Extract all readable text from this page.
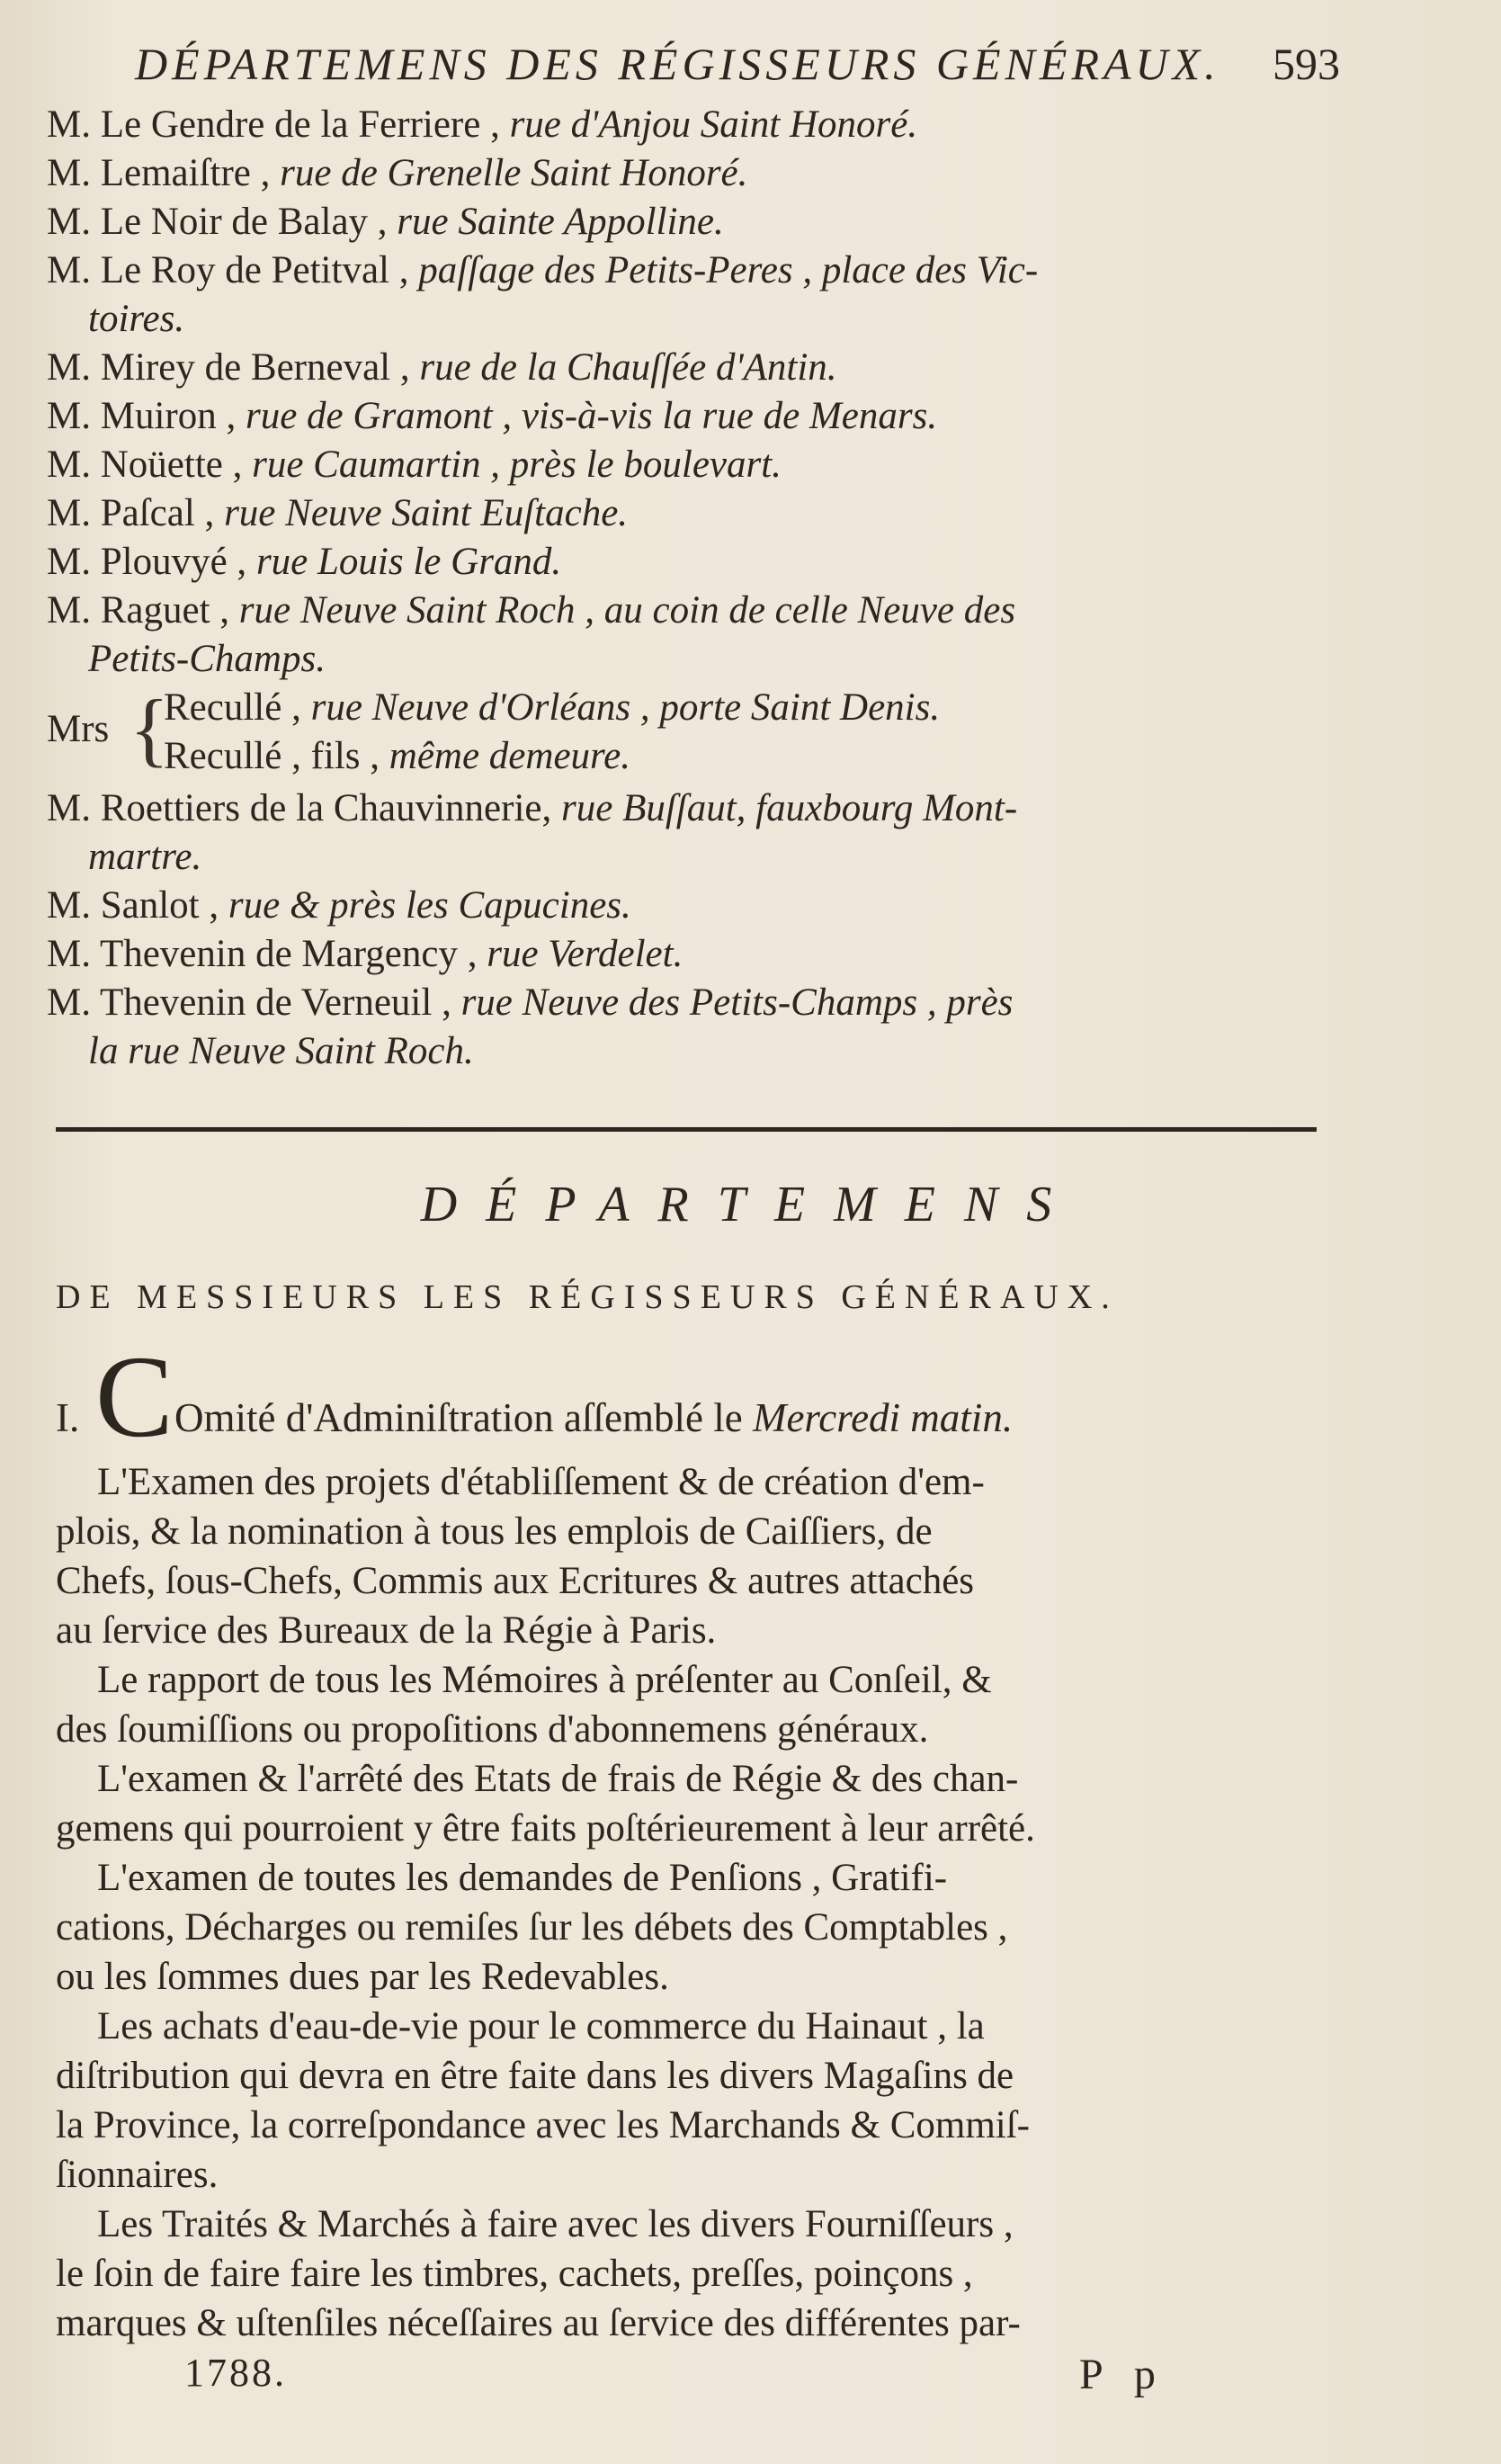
DÉPARTEMENS DES RÉGISSEURS GÉNÉRAUX. 593
M. Le Gendre de la Ferriere , rue d'Anjou Saint Honoré.
M. Lemaiſtre , rue de Grenelle Saint Honoré.
M. Le Noir de Balay , rue Sainte Appolline.
M. Le Roy de Petitval , paſſage des Petits-Peres , place des Vic-
toires.
M. Mirey de Berneval , rue de la Chauſſée d'Antin.
M. Muiron , rue de Gramont , vis-à-vis la rue de Menars.
M. Noüette , rue Caumartin , près le boulevart.
M. Paſcal , rue Neuve Saint Euſtache.
M. Plouvyé , rue Louis le Grand.
M. Raguet , rue Neuve Saint Roch , au coin de celle Neuve des
Petits-Champs.
Mrs {
Recullé , rue Neuve d'Orléans , porte Saint Denis.
Recullé , fils , même demeure.
M. Roettiers de la Chauvinnerie, rue Buſſaut, fauxbourg Mont-
martre.
M. Sanlot , rue & près les Capucines.
M. Thevenin de Margency , rue Verdelet.
M. Thevenin de Verneuil , rue Neuve des Petits-Champs , près
la rue Neuve Saint Roch.
DÉPARTEMENS
DE MESSIEURS LES RÉGISSEURS GÉNÉRAUX.
I. C Omité d'Adminiſtration aſſemblé le Mercredi matin.
L'Examen des projets d'établiſſement & de création d'em-
plois, & la nomination à tous les emplois de Caiſſiers, de
Chefs, ſous-Chefs, Commis aux Ecritures & autres attachés
au ſervice des Bureaux de la Régie à Paris.
Le rapport de tous les Mémoires à préſenter au Conſeil, &
des ſoumiſſions ou propoſitions d'abonnemens généraux.
L'examen & l'arrêté des Etats de frais de Régie & des chan-
gemens qui pourroient y être faits poſtérieurement à leur arrêté.
L'examen de toutes les demandes de Penſions , Gratifi-
cations, Décharges ou remiſes ſur les débets des Comptables ,
ou les ſommes dues par les Redevables.
Les achats d'eau-de-vie pour le commerce du Hainaut , la
diſtribution qui devra en être faite dans les divers Magaſins de
la Province, la correſpondance avec les Marchands & Commiſ-
ſionnaires.
Les Traités & Marchés à faire avec les divers Fourniſſeurs ,
le ſoin de faire faire les timbres, cachets, preſſes, poinçons ,
marques & uſtenſiles néceſſaires au ſervice des différentes par-
1788.	P p
